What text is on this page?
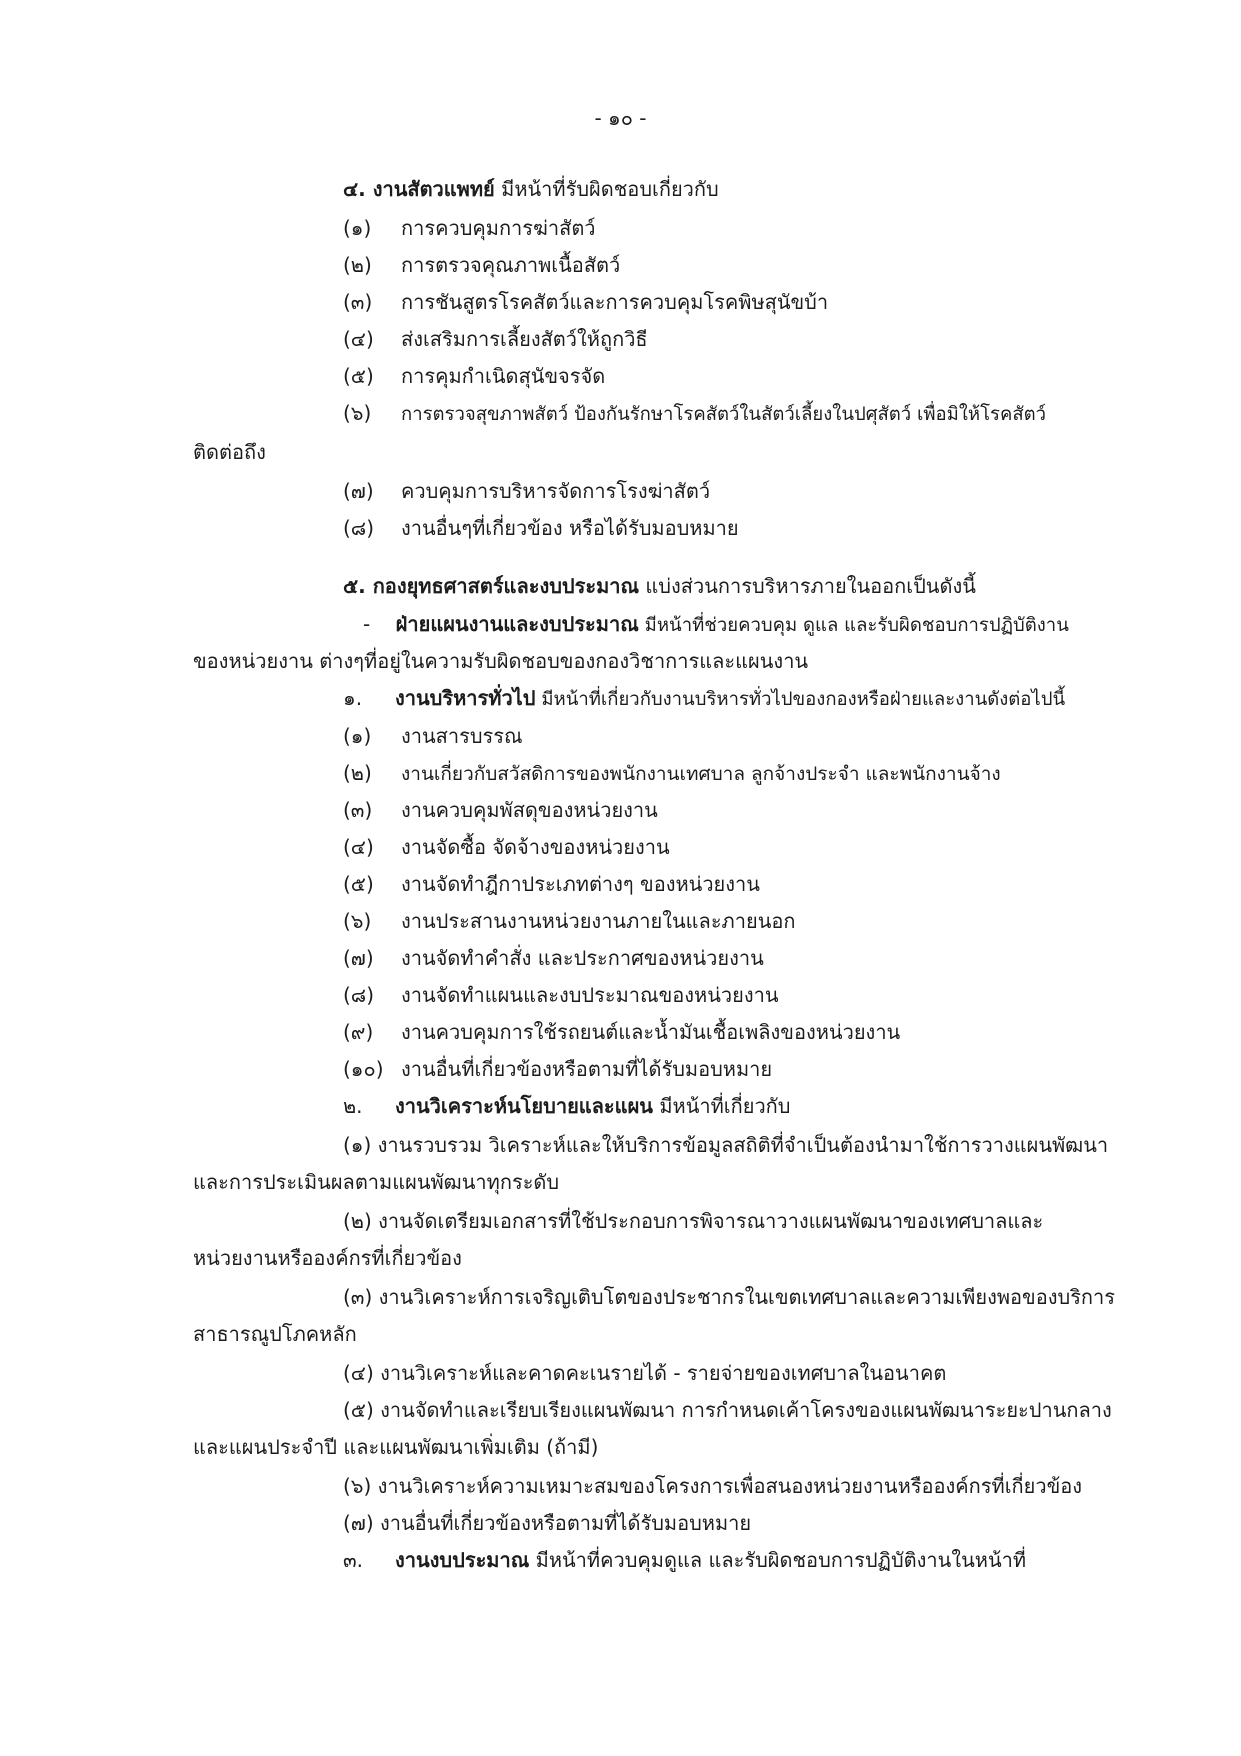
- ๑๐ -
๔. งานสัตวแพทย์ มีหน้าที่รับผิดชอบเกี่ยวกับ
(๑) การควบคุมการฆ่าสัตว์
(๒) การตรวจคุณภาพเนื้อสัตว์
(๓) การชันสูตรโรคสัตว์และการควบคุมโรคพิษสุนัขบ้า
(๔) ส่งเสริมการเลี้ยงสัตว์ให้ถูกวิธี
(๕) การคุมกำเนิดสุนัขจรจัด
(๖) การตรวจสุขภาพสัตว์ ป้องกันรักษาโรคสัตว์ในสัตว์เลี้ยงในปศุสัตว์ เพื่อมิให้โรคสัตว์
ติดต่อถึง
(๗) ควบคุมการบริหารจัดการโรงฆ่าสัตว์
(๘) งานอื่นๆที่เกี่ยวข้อง หรือได้รับมอบหมาย
๕. กองยุทธศาสตร์และงบประมาณ แบ่งส่วนการบริหารภายในออกเป็นดังนี้
- ฝ่ายแผนงานและงบประมาณ มีหน้าที่ช่วยควบคุม ดูแล และรับผิดชอบการปฏิบัติงาน
ของหน่วยงาน ต่างๆที่อยู่ในความรับผิดชอบของกองวิชาการและแผนงาน
๑. งานบริหารทั่วไป มีหน้าที่เกี่ยวกับงานบริหารทั่วไปของกองหรือฝ่ายและงานดังต่อไปนี้
(๑) งานสารบรรณ
(๒) งานเกี่ยวกับสวัสดิการของพนักงานเทศบาล ลูกจ้างประจำ และพนักงานจ้าง
(๓) งานควบคุมพัสดุของหน่วยงาน
(๔) งานจัดซื้อ จัดจ้างของหน่วยงาน
(๕) งานจัดทำฎีกาประเภทต่างๆ ของหน่วยงาน
(๖) งานประสานงานหน่วยงานภายในและภายนอก
(๗) งานจัดทำคำสั่ง และประกาศของหน่วยงาน
(๘) งานจัดทำแผนและงบประมาณของหน่วยงาน
(๙) งานควบคุมการใช้รถยนต์และน้ำมันเชื้อเพลิงของหน่วยงาน
(๑๐) งานอื่นที่เกี่ยวข้องหรือตามที่ได้รับมอบหมาย
๒. งานวิเคราะห์นโยบายและแผน มีหน้าที่เกี่ยวกับ
(๑) งานรวบรวม วิเคราะห์และให้บริการข้อมูลสถิติที่จำเป็นต้องนำมาใช้การวางแผนพัฒนา
และการประเมินผลตามแผนพัฒนาทุกระดับ
(๒) งานจัดเตรียมเอกสารที่ใช้ประกอบการพิจารณาวางแผนพัฒนาของเทศบาลและ
หน่วยงานหรือองค์กรที่เกี่ยวข้อง
(๓) งานวิเคราะห์การเจริญเติบโตของประชากรในเขตเทศบาลและความเพียงพอของบริการ
สาธารณูปโภคหลัก
(๔) งานวิเคราะห์และคาดคะเนรายได้ - รายจ่ายของเทศบาลในอนาคต
(๕) งานจัดทำและเรียบเรียงแผนพัฒนา การกำหนดเค้าโครงของแผนพัฒนาระยะปานกลาง
และแผนประจำปี และแผนพัฒนาเพิ่มเติม (ถ้ามี)
(๖) งานวิเคราะห์ความเหมาะสมของโครงการเพื่อสนองหน่วยงานหรือองค์กรที่เกี่ยวข้อง
(๗) งานอื่นที่เกี่ยวข้องหรือตามที่ได้รับมอบหมาย
๓. งานงบประมาณ มีหน้าที่ควบคุมดูแล และรับผิดชอบการปฏิบัติงานในหน้าที่
